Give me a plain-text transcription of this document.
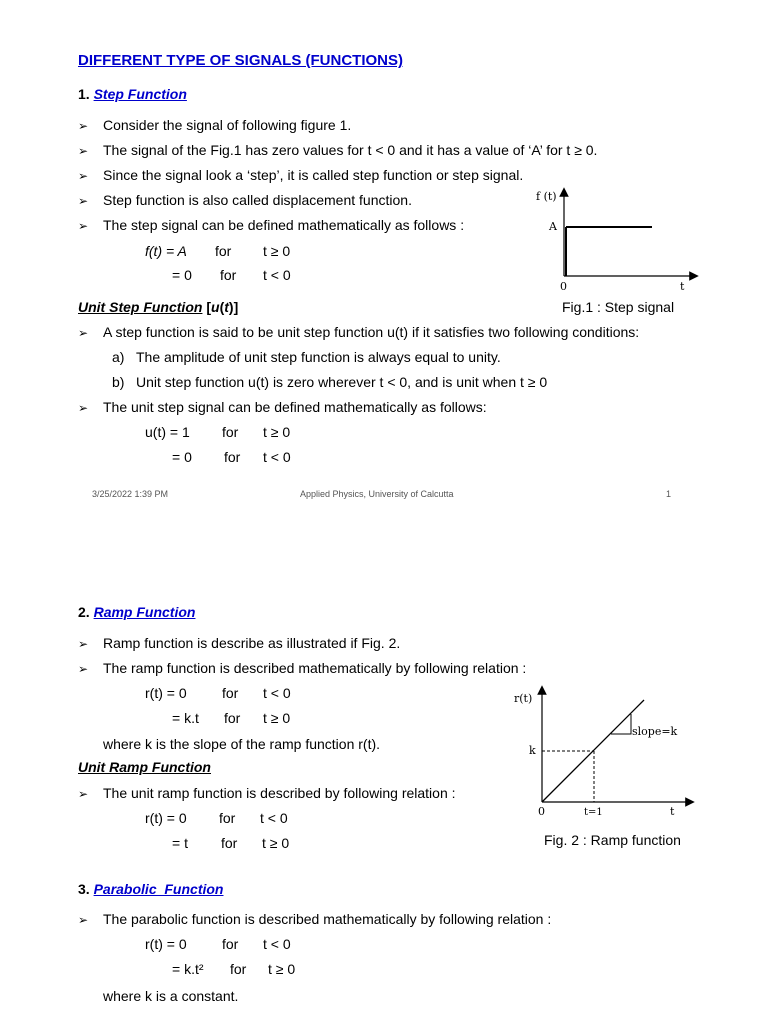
DIFFERENT TYPE OF SIGNALS (FUNCTIONS)
1. Step Function
➢ Consider the signal of following figure 1.
➢ The signal of the Fig.1 has zero values for t < 0 and it has a value of ‘A’ for t ≥ 0.
➢ Since the signal look a ‘step’, it is called step function or step signal.
➢ Step function is also called displacement function.
➢ The step signal can be defined mathematically as follows :
f(t) = A for t ≥ 0
= 0 for t < 0
f (t)
A
0	t
Fig.1 : Step signal
Unit Step Function [u(t)]
➢ A step function is said to be unit step function u(t) if it satisfies two following conditions:
a) The amplitude of unit step function is always equal to unity.
b) Unit step function u(t) is zero wherever t < 0, and is unit when t ≥ 0
➢ The unit step signal can be defined mathematically as follows:
u(t) = 1 for t ≥ 0
= 0 for t < 0
3/25/2022 1:39 PM	Applied Physics, University of Calcutta	1
2. Ramp Function
➢ Ramp function is describe as illustrated if Fig. 2.
➢ The ramp function is described mathematically by following relation :
r(t) = 0	for t < 0
= k.t for t ≥ 0
where k is the slope of the ramp function r(t).
Unit Ramp Function
➢ The unit ramp function is described by following relation :
r(t) = 0 for t < 0
= t for t ≥ 0
r(t)
k
slope=k
0	t=1	t
Fig. 2 : Ramp function
3. Parabolic  Function
➢ The parabolic function is described mathematically by following relation :
r(t) = 0	for t < 0
= k.t² for t ≥ 0
where k is a constant.
